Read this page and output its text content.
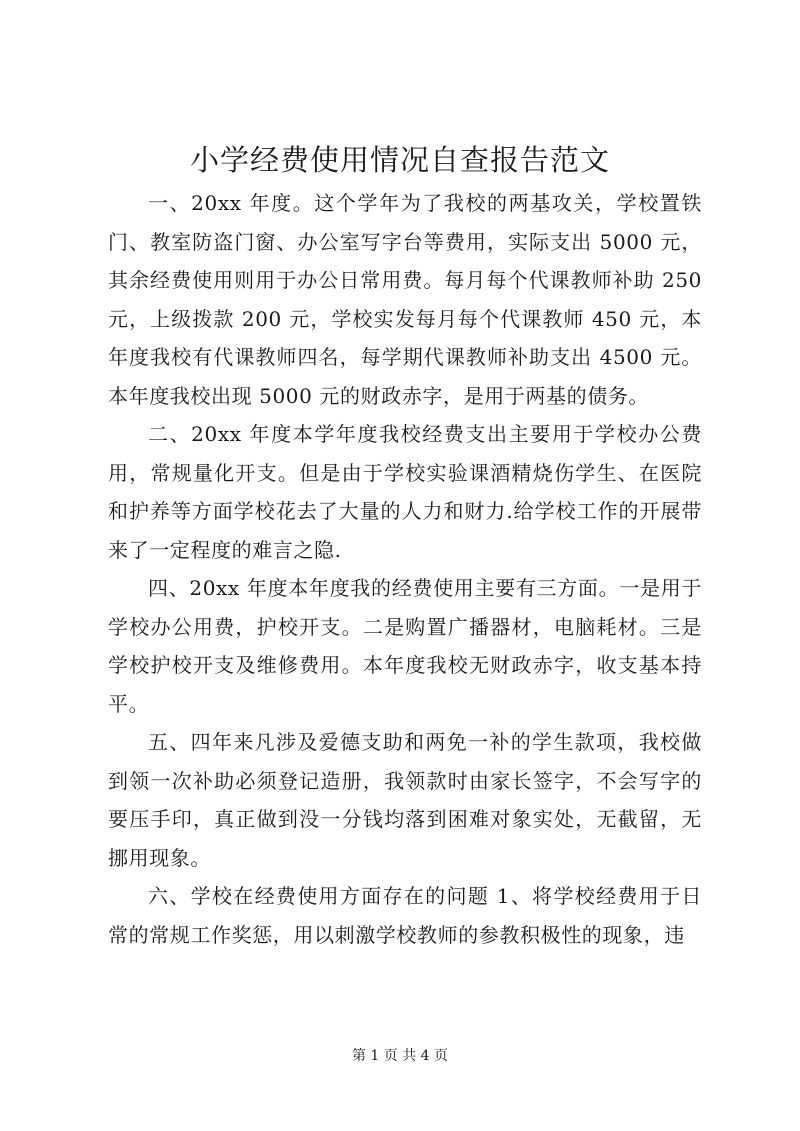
小学经费使用情况自查报告范文

一、20xx 年度。这个学年为了我校的两基攻关，学校置铁门、教室防盗门窗、办公室写字台等费用，实际支出 5000 元，其余经费使用则用于办公日常用费。每月每个代课教师补助 250 元，上级拨款 200 元，学校实发每月每个代课教师 450 元，本年度我校有代课教师四名，每学期代课教师补助支出 4500 元。本年度我校出现 5000 元的财政赤字，是用于两基的债务。

二、20xx 年度本学年度我校经费支出主要用于学校办公费用，常规量化开支。但是由于学校实验课酒精烧伤学生、在医院和护养等方面学校花去了大量的人力和财力.给学校工作的开展带来了一定程度的难言之隐.

四、20xx 年度本年度我的经费使用主要有三方面。一是用于学校办公用费，护校开支。二是购置广播器材，电脑耗材。三是学校护校开支及维修费用。本年度我校无财政赤字，收支基本持平。

五、四年来凡涉及爱德支助和两免一补的学生款项，我校做到领一次补助必须登记造册，我领款时由家长签字，不会写字的要压手印，真正做到没一分钱均落到困难对象实处，无截留，无挪用现象。

六、学校在经费使用方面存在的问题 1、将学校经费用于日常的常规工作奖惩，用以刺激学校教师的参教积极性的现象，违

第 1 页 共 4 页
